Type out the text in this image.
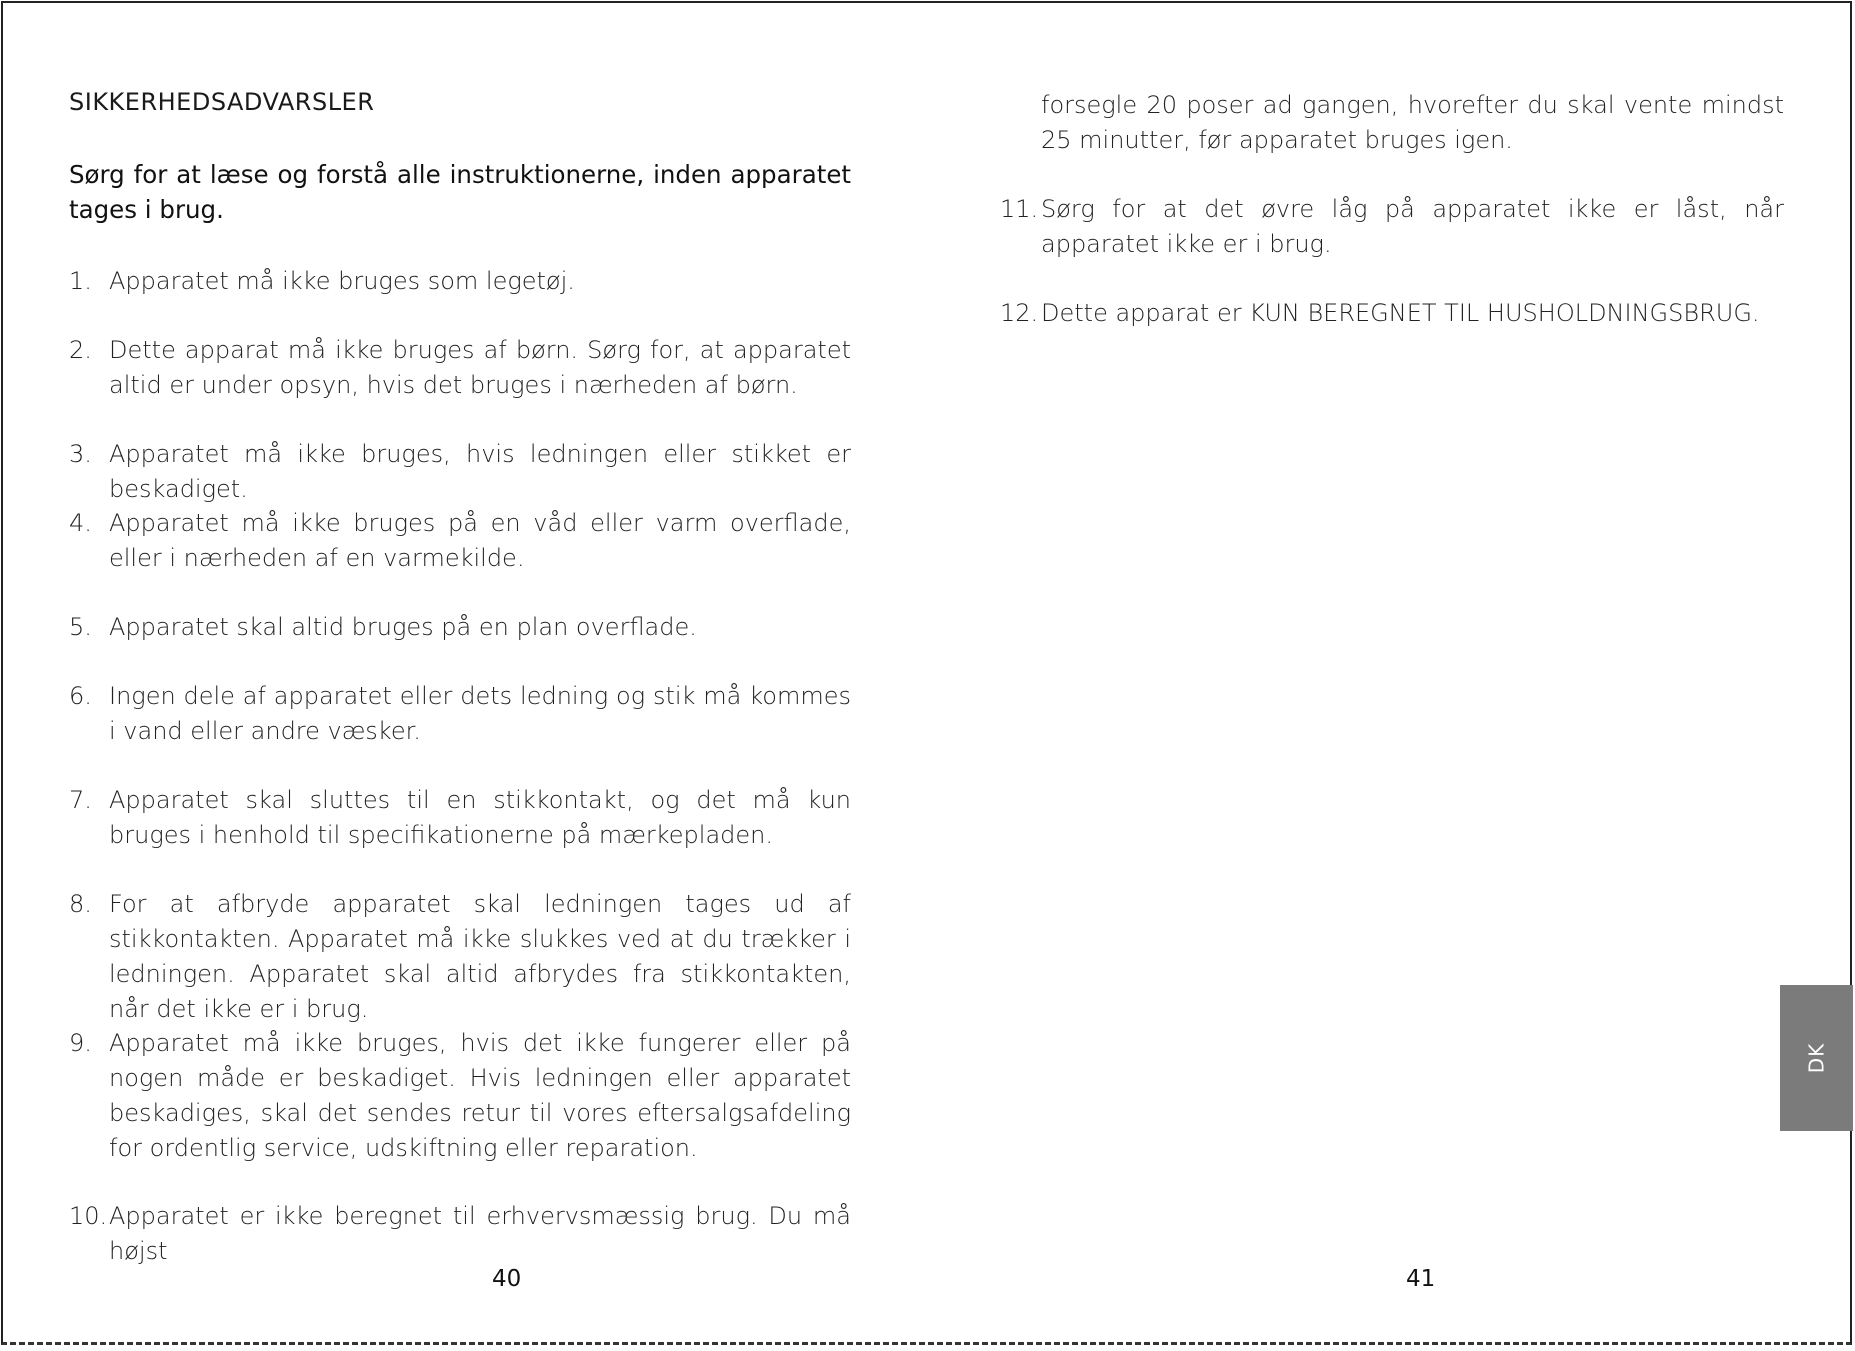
SIKKERHEDSADVARSLER
Sørg for at læse og forstå alle instruktionerne, inden apparatet tages i brug.
1. Apparatet må ikke bruges som legetøj.
2. Dette apparat må ikke bruges af børn. Sørg for, at apparatet altid er under opsyn, hvis det bruges i nærheden af børn.
3. Apparatet må ikke bruges, hvis ledningen eller stikket er beskadiget.
4. Apparatet må ikke bruges på en våd eller varm overflade, eller i nærheden af en varmekilde.
5. Apparatet skal altid bruges på en plan overflade.
6. Ingen dele af apparatet eller dets ledning og stik må kommes i vand eller andre væsker.
7. Apparatet skal sluttes til en stikkontakt, og det må kun bruges i henhold til specifikationerne på mærkepladen.
8. For at afbryde apparatet skal ledningen tages ud af stikkontakten. Apparatet må ikke slukkes ved at du trækker i ledningen. Apparatet skal altid afbrydes fra stikkontakten, når det ikke er i brug.
9. Apparatet må ikke bruges, hvis det ikke fungerer eller på nogen måde er beskadiget. Hvis ledningen eller apparatet beskadiges, skal det sendes retur til vores eftersalgsafdeling for ordentlig service, udskiftning eller reparation.
10. Apparatet er ikke beregnet til erhvervsmæssig brug. Du må højst
40
forsegle 20 poser ad gangen, hvorefter du skal vente mindst 25 minutter, før apparatet bruges igen.
11. Sørg for at det øvre låg på apparatet ikke er låst, når apparatet ikke er i brug.
12. Dette apparat er KUN BEREGNET TIL HUSHOLDNINGSBRUG.
41
DK
